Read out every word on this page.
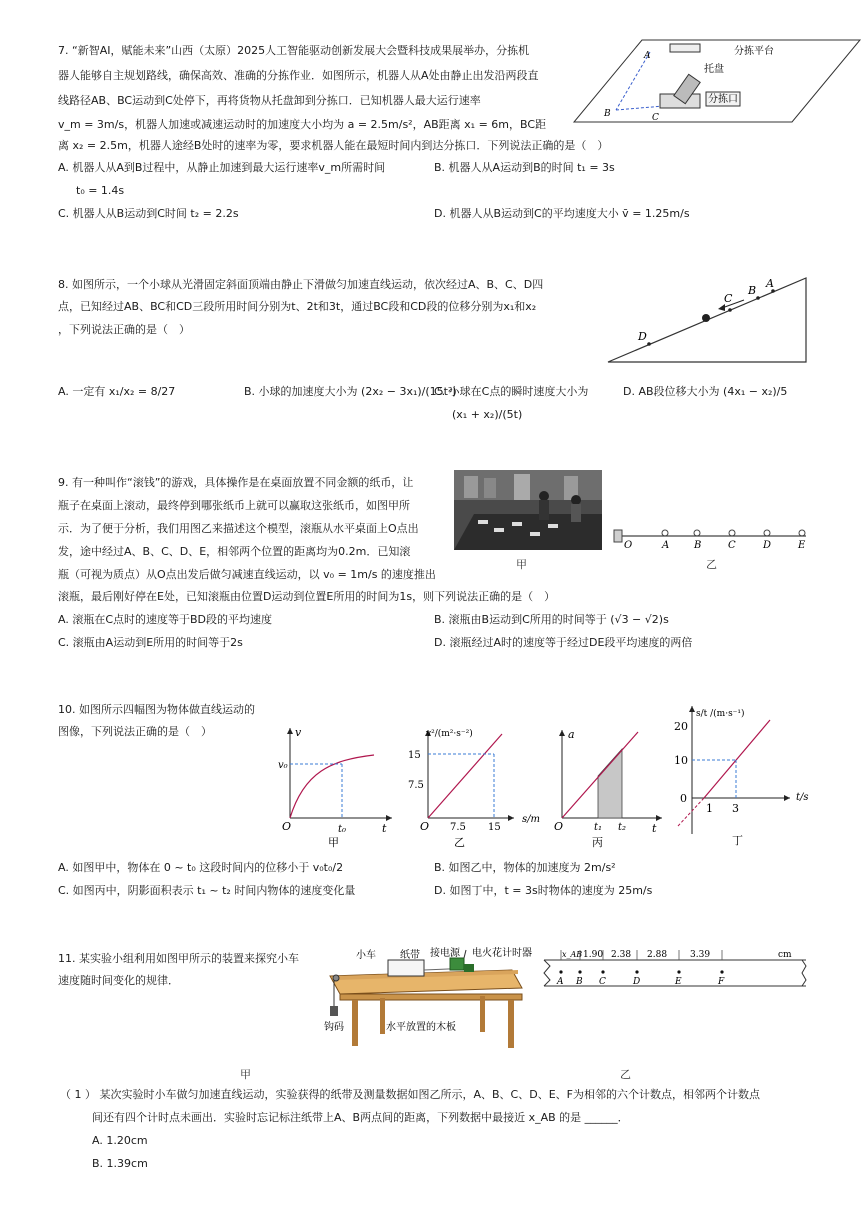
7. “新智AI，赋能未来”山西（太原）2025人工智能驱动创新发展大会暨科技成果展举办，分拣机
器人能够自主规划路线，确保高效、准确的分拣作业．如图所示，机器人从A处由静止出发沿两段直
线路径AB、BC运动到C处停下，再将货物从托盘卸到分拣口．已知机器人最大运行速率
v_m = 3m/s，机器人加速或减速运动时的加速度大小均为 a = 2.5m/s²，AB距离 x₁ = 6m，BC距
离 x₂ = 2.5m，机器人途经B处时的速率为零，要求机器人能在最短时间内到达分拣口．下列说法正确的是（　）
A. 机器人从A到B过程中，从静止加速到最大运行速率v_m所需时间
t₀ = 1.4s
B. 机器人从A运动到B的时间 t₁ = 3s
C. 机器人从B运动到C时间 t₂ = 2.2s	D. 机器人从B运动到C的平均速度大小 v̄ = 1.25m/s
A
B	C
分拣平台
托盘
分拣口
8. 如图所示，一个小球从光滑固定斜面顶端由静止下滑做匀加速直线运动，依次经过A、B、C、D四
点，已知经过AB、BC和CD三段所用时间分别为t、2t和3t，通过BC段和CD段的位移分别为x₁和x₂
，下列说法正确的是（　）
D
C
B
A
A. 一定有 x₁/x₂ = 8/27	B. 小球的加速度大小为 (2x₂ − 3x₁)/(15t²)
C. 小球在C点的瞬时速度大小为
(x₁ + x₂)/(5t)
D. AB段位移大小为 (4x₁ − x₂)/5
9. 有一种叫作“滚钱”的游戏，具体操作是在桌面放置不同金额的纸币，让
瓶子在桌面上滚动，最终停到哪张纸币上就可以赢取这张纸币，如图甲所
示．为了便于分析，我们用图乙来描述这个模型，滚瓶从水平桌面上O点出
发，途中经过A、B、C、D、E，相邻两个位置的距离均为0.2m．已知滚
瓶（可视为质点）从O点出发后做匀减速直线运动，以 v₀ = 1m/s 的速度推出
滚瓶，最后刚好停在E处，已知滚瓶由位置D运动到位置E所用的时间为1s，则下列说法正确的是（　）
甲
O	A B	C	D	E
乙
A. 滚瓶在C点时的速度等于BD段的平均速度	B. 滚瓶由B运动到C所用的时间等于 (√3 − √2)s
C. 滚瓶由A运动到E所用的时间等于2s	D. 滚瓶经过A时的速度等于经过DE段平均速度的两倍
10. 如图所示四幅图为物体做直线运动的
图像，下列说法正确的是（　）	v
v₀
t
t₀
O
甲
v²/(m²·s⁻²)
15
7.5
7.5 15
s/m
O
乙
a
t
t₁ t₂
O
丙
s/t /(m·s⁻¹)
20
10
0
1 3
t/s
丁
A. 如图甲中，物体在 0 ~ t₀ 这段时间内的位移小于 v₀t₀/2	B. 如图乙中，物体的加速度为 2m/s²
C. 如图丙中，阴影面积表示 t₁ ~ t₂ 时间内物体的速度变化量	D. 如图丁中，t = 3s时物体的速度为 25m/s
11. 某实验小组利用如图甲所示的装置来探究小车
速度随时间变化的规律．
小车 纸带 接电源 电火花计时器
钩码	水平放置的木板
x_AB 1.90 2.38 2.88	3.39	cm
A B C	D	E	F
甲	乙
（ 1 ） 某次实验时小车做匀加速直线运动，实验获得的纸带及测量数据如图乙所示，A、B、C、D、E、F为相邻的六个计数点，相邻两个计数点
间还有四个计时点未画出．实验时忘记标注纸带上A、B两点间的距离，下列数据中最接近 x_AB 的是 ______．
A. 1.20cm
B. 1.39cm
